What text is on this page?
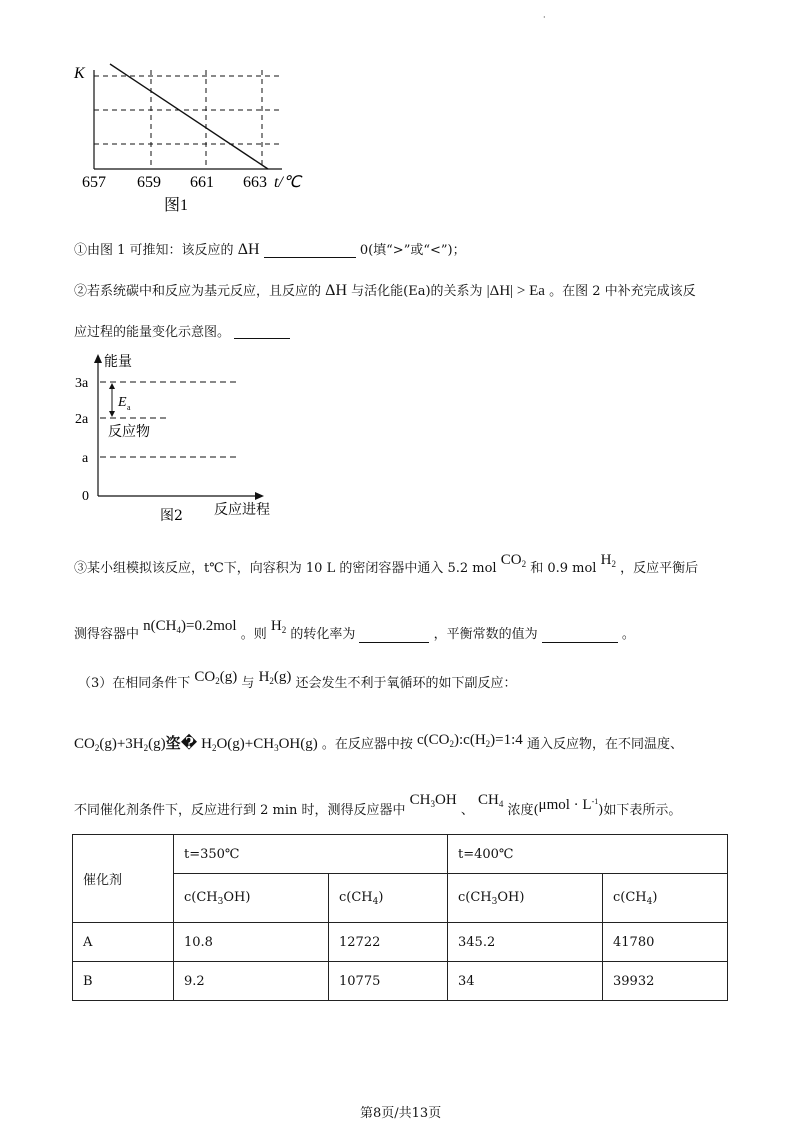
·
K
657 659 661 663 t/℃
图1
①由图 1 可推知：该反应的 ΔH	0(填“>”或“<”)；
②若系统碳中和反应为基元反应，且反应的 ΔH 与活化能(Ea)的关系为 |ΔH| > Ea 。在图 2 中补充完成该反
应过程的能量变化示意图。
能量
3a
2a
a
0
E a
反应物
图2 反应进程
③某小组模拟该反应，t℃下，向容积为 10 L 的密闭容器中通入 5.2 mol $CO_2$ 和 0.9 mol $H_2$ ，反应平衡后
测得容器中 $n(CH_4)=0.2mol$ 。则 $H_2$ 的转化率为	，平衡常数的值为	。
（3）在相同条件下 $CO_2(g)$ 与 $H_2(g)$ 还会发生不利于氧循环的如下副反应：
$CO_2(g)+3H_2(g)$垐� $H_2O(g)+CH_3OH(g)$ 。在反应器中按 $c(CO_2):c(H_2)=1:4$ 通入反应物，在不同温度、
不同催化剂条件下，反应进行到 2 min 时，测得反应器中 $CH_3OH$ 、 $CH_4$ 浓度$(\mu mol \cdot L^{-1})$如下表所示。
催化剂	t=350℃		t=400℃	
	$c(CH_3OH)$	$c(CH_4)$	$c(CH_3OH)$	$c(CH_4)$
A	10.8	12722	345.2	41780
B	9.2	10775	34	39932
第8页/共13页
